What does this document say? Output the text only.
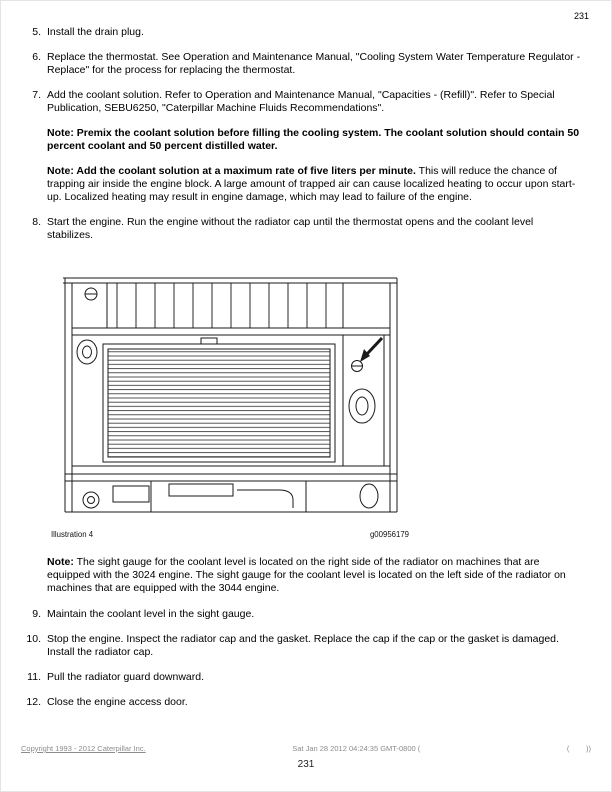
231
5. Install the drain plug.
6. Replace the thermostat. See Operation and Maintenance Manual, "Cooling System Water Temperature Regulator - Replace" for the process for replacing the thermostat.
7. Add the coolant solution. Refer to Operation and Maintenance Manual, "Capacities - (Refill)". Refer to Special Publication, SEBU6250, "Caterpillar Machine Fluids Recommendations".

Note: Premix the coolant solution before filling the cooling system. The coolant solution should contain 50 percent coolant and 50 percent distilled water.

Note: Add the coolant solution at a maximum rate of five liters per minute. This will reduce the chance of trapping air inside the engine block. A large amount of trapped air can cause localized heating to occur upon start-up. Localized heating may result in engine damage, which may lead to failure of the engine.

8. Start the engine. Run the engine without the radiator cap until the thermostat opens and the coolant level stabilizes.
Illustration 4	g00956179

Note: The sight gauge for the coolant level is located on the right side of the radiator on machines that are equipped with the 3024 engine. The sight gauge for the coolant level is located on the left side of the radiator on machines that are equipped with the 3044 engine.

9. Maintain the coolant level in the sight gauge.
10. Stop the engine. Inspect the radiator cap and the gasket. Replace the cap if the cap or the gasket is damaged. Install the radiator cap.
11. Pull the radiator guard downward.
12. Close the engine access door.
Copyright 1993 - 2012 Caterpillar Inc.	Sat Jan 28 2012 04:24:35 GMT-0800 (	(        ))
231
